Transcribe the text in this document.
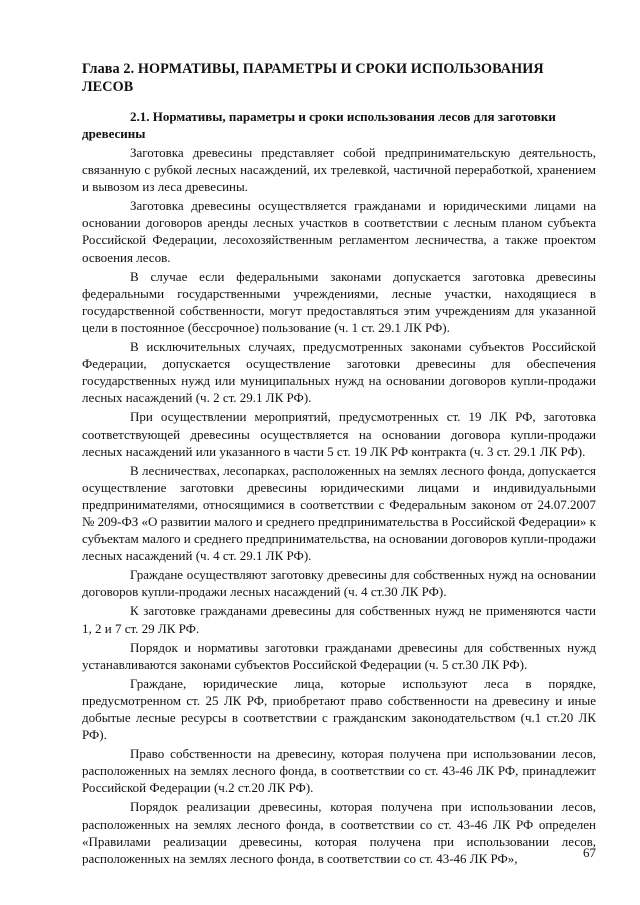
Глава 2. НОРМАТИВЫ, ПАРАМЕТРЫ И СРОКИ ИСПОЛЬЗОВАНИЯ ЛЕСОВ
2.1. Нормативы, параметры и сроки использования лесов для заготовки древесины

Заготовка древесины представляет собой предпринимательскую деятельность, связанную с рубкой лесных насаждений, их трелевкой, частичной переработкой, хранением и вывозом из леса древесины.

Заготовка древесины осуществляется гражданами и юридическими лицами на основании договоров аренды лесных участков в соответствии с лесным планом субъекта Российской Федерации, лесохозяйственным регламентом лесничества, а также проектом освоения лесов.

В случае если федеральными законами допускается заготовка древесины федеральными государственными учреждениями, лесные участки, находящиеся в государственной собственности, могут предоставляться этим учреждениям для указанной цели в постоянное (бессрочное) пользование (ч. 1 ст. 29.1 ЛК РФ).

В исключительных случаях, предусмотренных законами субъектов Российской Федерации, допускается осуществление заготовки древесины для обеспечения государственных нужд или муниципальных нужд на основании договоров купли-продажи лесных насаждений (ч. 2 ст. 29.1 ЛК РФ).

При осуществлении мероприятий, предусмотренных ст. 19 ЛК РФ, заготовка соответствующей древесины осуществляется на основании договора купли-продажи лесных насаждений или указанного в части 5 ст. 19 ЛК РФ контракта (ч. 3 ст. 29.1 ЛК РФ).

В лесничествах, лесопарках, расположенных на землях лесного фонда, допускается осуществление заготовки древесины юридическими лицами и индивидуальными предпринимателями, относящимися в соответствии с Федеральным законом от 24.07.2007 № 209-ФЗ «О развитии малого и среднего предпринимательства в Российской Федерации» к субъектам малого и среднего предпринимательства, на основании договоров купли-продажи лесных насаждений (ч. 4 ст. 29.1 ЛК РФ).

Граждане осуществляют заготовку древесины для собственных нужд на основании договоров купли-продажи лесных насаждений (ч. 4 ст.30 ЛК РФ).

К заготовке гражданами древесины для собственных нужд не применяются части 1, 2 и 7 ст. 29 ЛК РФ.

Порядок и нормативы заготовки гражданами древесины для собственных нужд устанавливаются законами субъектов Российской Федерации (ч. 5 ст.30 ЛК РФ).

Граждане, юридические лица, которые используют леса в порядке, предусмотренном ст. 25 ЛК РФ, приобретают право собственности на древесину и иные добытые лесные ресурсы в соответствии с гражданским законодательством (ч.1 ст.20 ЛК РФ).

Право собственности на древесину, которая получена при использовании лесов, расположенных на землях лесного фонда, в соответствии со ст. 43-46 ЛК РФ, принадлежит Российской Федерации (ч.2 ст.20 ЛК РФ).

Порядок реализации древесины, которая получена при использовании лесов, расположенных на землях лесного фонда, в соответствии со ст. 43-46 ЛК РФ определен «Правилами реализации древесины, которая получена при использовании лесов, расположенных на землях лесного фонда, в соответствии со ст. 43-46 ЛК РФ»,	67
